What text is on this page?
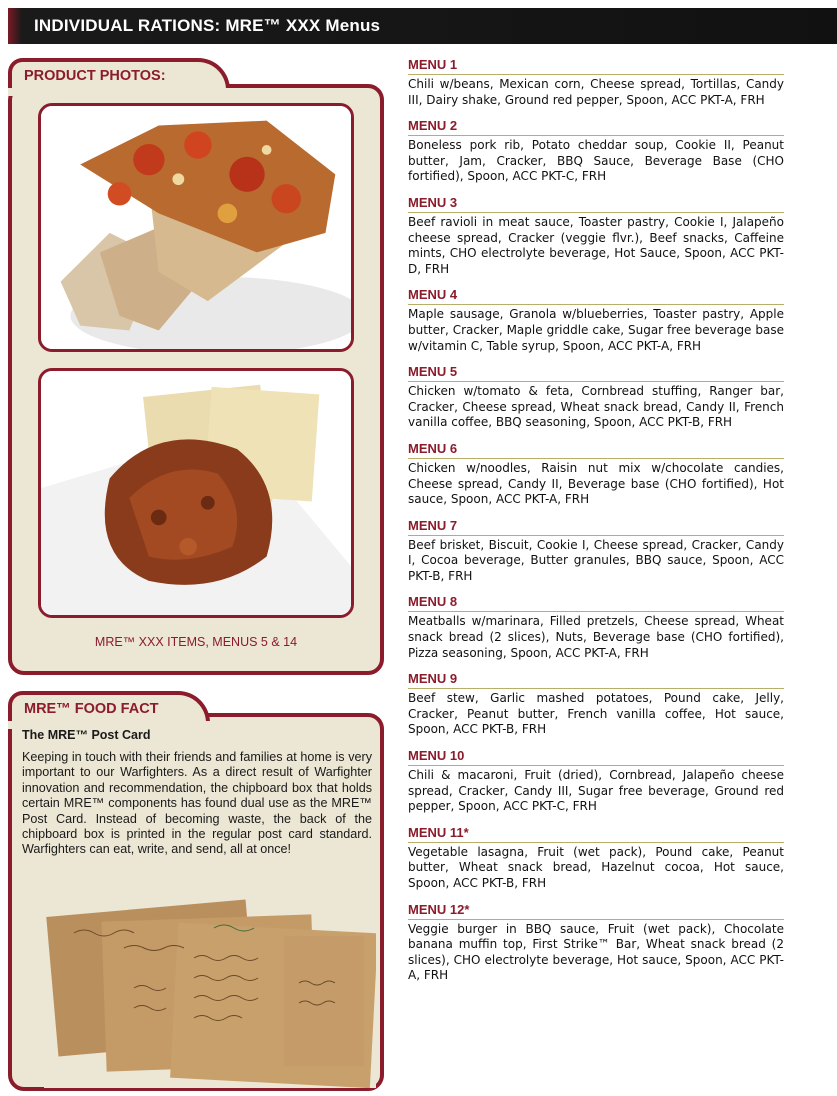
INDIVIDUAL RATIONS: MRE™ XXX Menus
PRODUCT PHOTOS:
MRE™ XXX ITEMS, MENUS 5 & 14
MRE™ FOOD FACT
The MRE™ Post Card
Keeping in touch with their friends and families at home is very important to our Warfighters. As a direct result of Warfighter innovation and recommendation, the chipboard box that holds certain MRE™ components has found dual use as the MRE™ Post Card. Instead of becoming waste, the back of the chipboard box is printed in the regular post card standard. Warfighters can eat, write, and send, all at once!
MENU 1
Chili w/beans, Mexican corn, Cheese spread, Tortillas, Candy III, Dairy shake, Ground red pepper, Spoon, ACC PKT-A, FRH
MENU 2
Boneless pork rib, Potato cheddar soup, Cookie II, Peanut butter, Jam, Cracker, BBQ Sauce, Beverage Base (CHO fortified), Spoon, ACC PKT-C, FRH
MENU 3
Beef ravioli in meat sauce, Toaster pastry, Cookie I, Jalapeño cheese spread, Cracker (veggie flvr.), Beef snacks, Caffeine mints, CHO electrolyte beverage, Hot Sauce, Spoon, ACC PKT-D, FRH
MENU 4
Maple sausage, Granola w/blueberries, Toaster pastry, Apple butter, Cracker, Maple griddle cake, Sugar free beverage base w/vitamin C, Table syrup, Spoon, ACC PKT-A, FRH
MENU 5
Chicken w/tomato & feta, Cornbread stuffing, Ranger bar, Cracker, Cheese spread, Wheat snack bread, Candy II, French vanilla coffee, BBQ seasoning, Spoon, ACC PKT-B, FRH
MENU 6
Chicken w/noodles, Raisin nut mix w/chocolate candies, Cheese spread, Candy II, Beverage base (CHO fortified), Hot sauce, Spoon, ACC PKT-A, FRH
MENU 7
Beef brisket, Biscuit, Cookie I, Cheese spread, Cracker, Candy I, Cocoa beverage, Butter granules, BBQ sauce, Spoon, ACC PKT-B, FRH
MENU 8
Meatballs w/marinara, Filled pretzels, Cheese spread, Wheat snack bread (2 slices), Nuts, Beverage base (CHO fortified), Pizza seasoning, Spoon, ACC PKT-A, FRH
MENU 9
Beef stew, Garlic mashed potatoes, Pound cake, Jelly, Cracker, Peanut butter, French vanilla coffee, Hot sauce, Spoon, ACC PKT-B, FRH
MENU 10
Chili & macaroni, Fruit (dried), Cornbread, Jalapeño cheese spread, Cracker, Candy III, Sugar free beverage, Ground red pepper, Spoon, ACC PKT-C, FRH
MENU 11*
Vegetable lasagna, Fruit (wet pack), Pound cake, Peanut butter, Wheat snack bread, Hazelnut cocoa, Hot sauce, Spoon, ACC PKT-B, FRH
MENU 12*
Veggie burger in BBQ sauce, Fruit (wet pack), Chocolate banana muffin top, First Strike™ Bar, Wheat snack bread (2 slices), CHO electrolyte beverage, Hot sauce, Spoon, ACC PKT-A, FRH
